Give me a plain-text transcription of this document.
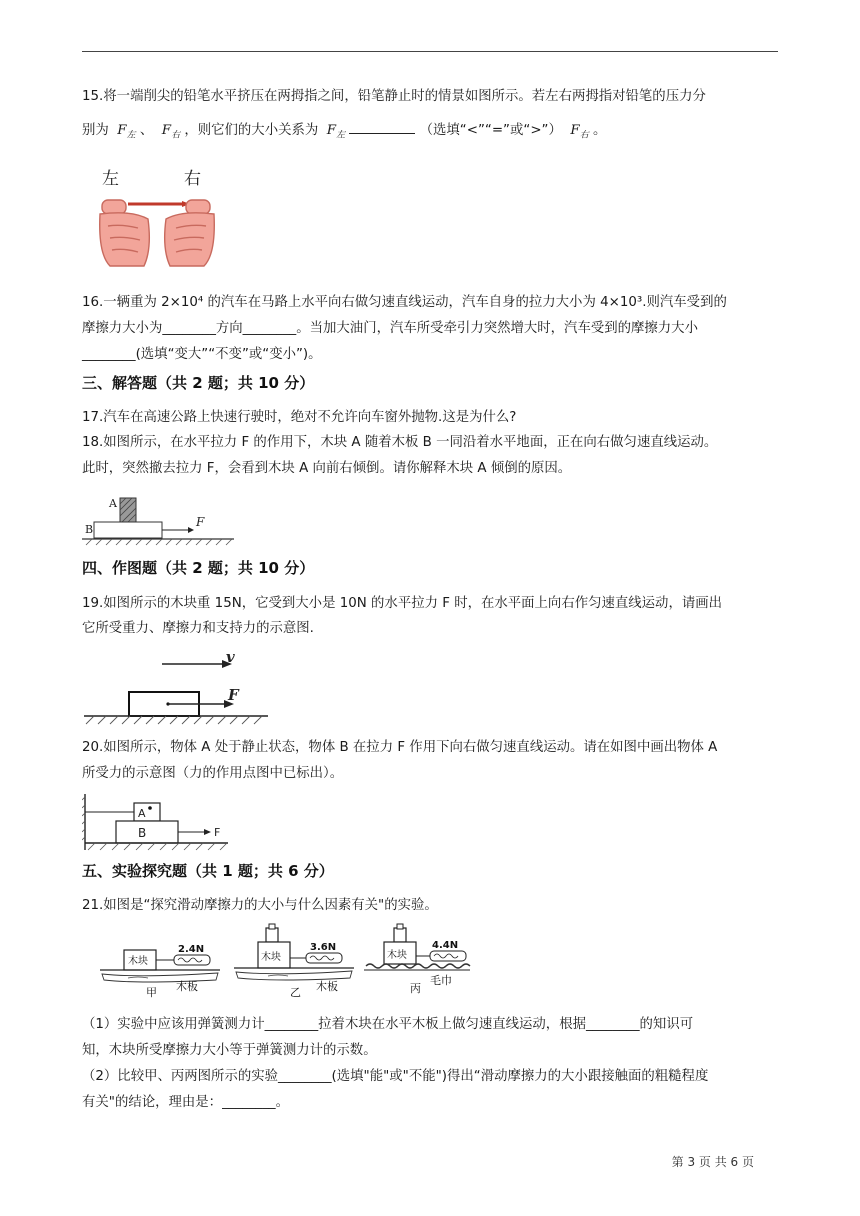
15.将一端削尖的铅笔水平挤压在两拇指之间，铅笔静止时的情景如图所示。若左右两拇指对铅笔的压力分
别为 $F_左$ 、 $F_右$ ，则它们的大小关系为 $F_左$	（选填“<”“=”或“>”） $F_右$ 。
左	右
16.一辆重为 2×10⁴ 的汽车在马路上水平向右做匀速直线运动，汽车自身的拉力大小为 4×10³.则汽车受到的
摩擦力大小为________方向________。当加大油门，汽车所受牵引力突然增大时，汽车受到的摩擦力大小
________(选填“变大”“不变”或“变小”)。
三、解答题（共 2 题；共 10 分）
17.汽车在高速公路上快速行驶时，绝对不允许向车窗外抛物.这是为什么?
18.如图所示，在水平拉力 F 的作用下，木块 A 随着木板 B 一同沿着水平地面，正在向右做匀速直线运动。
此时，突然撤去拉力 F，会看到木块 A 向前右倾倒。请你解释木块 A 倾倒的原因。
A
B
F
四、作图题（共 2 题；共 10 分）
19.如图所示的木块重 15N，它受到大小是 10N 的水平拉力 F 时，在水平面上向右作匀速直线运动，请画出
它所受重力、摩擦力和支持力的示意图.
v
F
20.如图所示，物体 A 处于静止状态，物体 B 在拉力 F 作用下向右做匀速直线运动。请在如图中画出物体 A
所受力的示意图（力的作用点图中已标出）。
A
B	F
五、实验探究题（共 1 题；共 6 分）
21.如图是“探究滑动摩擦力的大小与什么因素有关"的实验。
木块
2.4N
甲 木板
木块
3.6N
乙 木板
木块
4.4N
丙
毛巾
（1）实验中应该用弹簧测力计________拉着木块在水平木板上做匀速直线运动，根据________的知识可
知，木块所受摩擦力大小等于弹簧测力计的示数。
（2）比较甲、丙两图所示的实验________(选填"能"或"不能")得出“滑动摩擦力的大小跟接触面的粗糙程度
有关"的结论，理由是：________。
第 3 页 共 6 页
